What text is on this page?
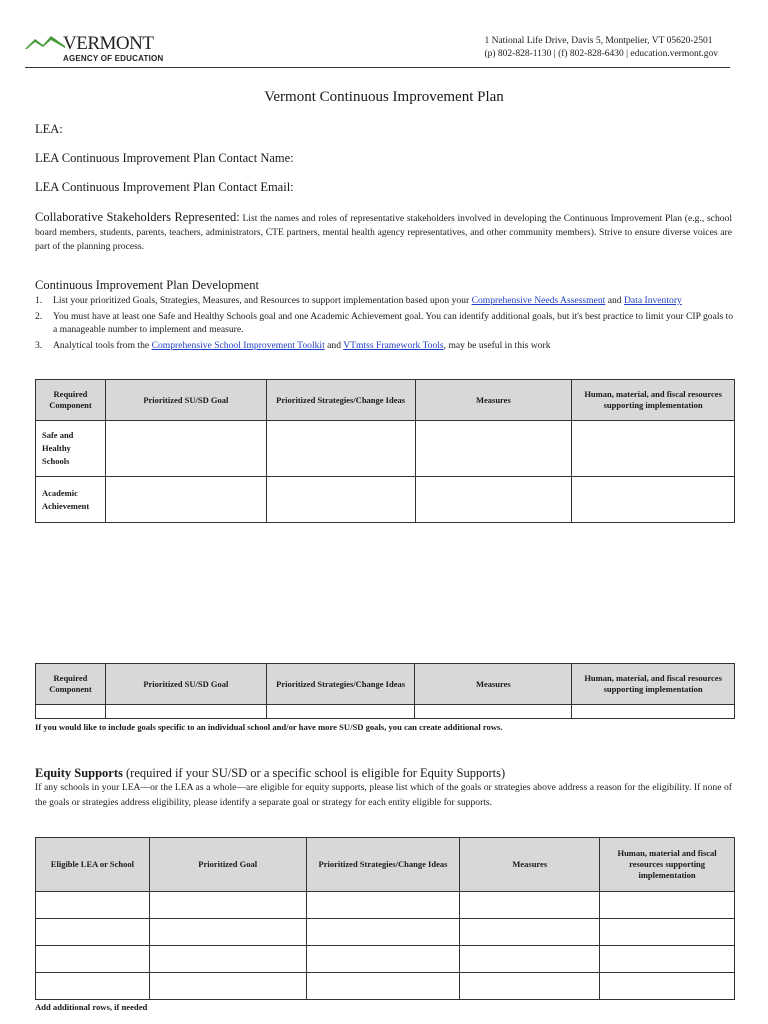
VERMONT
AGENCY OF EDUCATION
1 National Life Drive, Davis 5, Montpelier, VT 05620-2501
(p) 802-828-1130 | (f) 802-828-6430 | education.vermont.gov
Vermont Continuous Improvement Plan
LEA:
LEA Continuous Improvement Plan Contact Name:
LEA Continuous Improvement Plan Contact Email:
Collaborative Stakeholders Represented: List the names and roles of representative stakeholders involved in developing the Continuous Improvement Plan (e.g., school board members, students, parents, teachers, administrators, CTE partners, mental health agency representatives, and other community members). Strive to ensure diverse voices are part of the planning process.
Continuous Improvement Plan Development
1. List your prioritized Goals, Strategies, Measures, and Resources to support implementation based upon your Comprehensive Needs Assessment and Data Inventory
2. You must have at least one Safe and Healthy Schools goal and one Academic Achievement goal. You can identify additional goals, but it's best practice to limit your CIP goals to a manageable number to implement and measure.
3. Analytical tools from the Comprehensive School Improvement Toolkit and VTmtss Framework Tools, may be useful in this work
Required Component	Prioritized SU/SD Goal	Prioritized Strategies/Change Ideas	Measures	Human, material, and fiscal resources supporting implementation
Safe and Healthy Schools				
Academic Achievement				
Required Component	Prioritized SU/SD Goal	Prioritized Strategies/Change Ideas	Measures	Human, material, and fiscal resources supporting implementation

If you would like to include goals specific to an individual school and/or have more SU/SD goals, you can create additional rows.
Equity Supports (required if your SU/SD or a specific school is eligible for Equity Supports)
If any schools in your LEA—or the LEA as a whole—are eligible for equity supports, please list which of the goals or strategies above address a reason for the eligibility. If none of the goals or strategies address eligibility, please identify a separate goal or strategy for each entity eligible for supports.
Eligible LEA or School	Prioritized Goal	Prioritized Strategies/Change Ideas	Measures	Human, material and fiscal resources supporting implementation

Add additional rows, if needed
